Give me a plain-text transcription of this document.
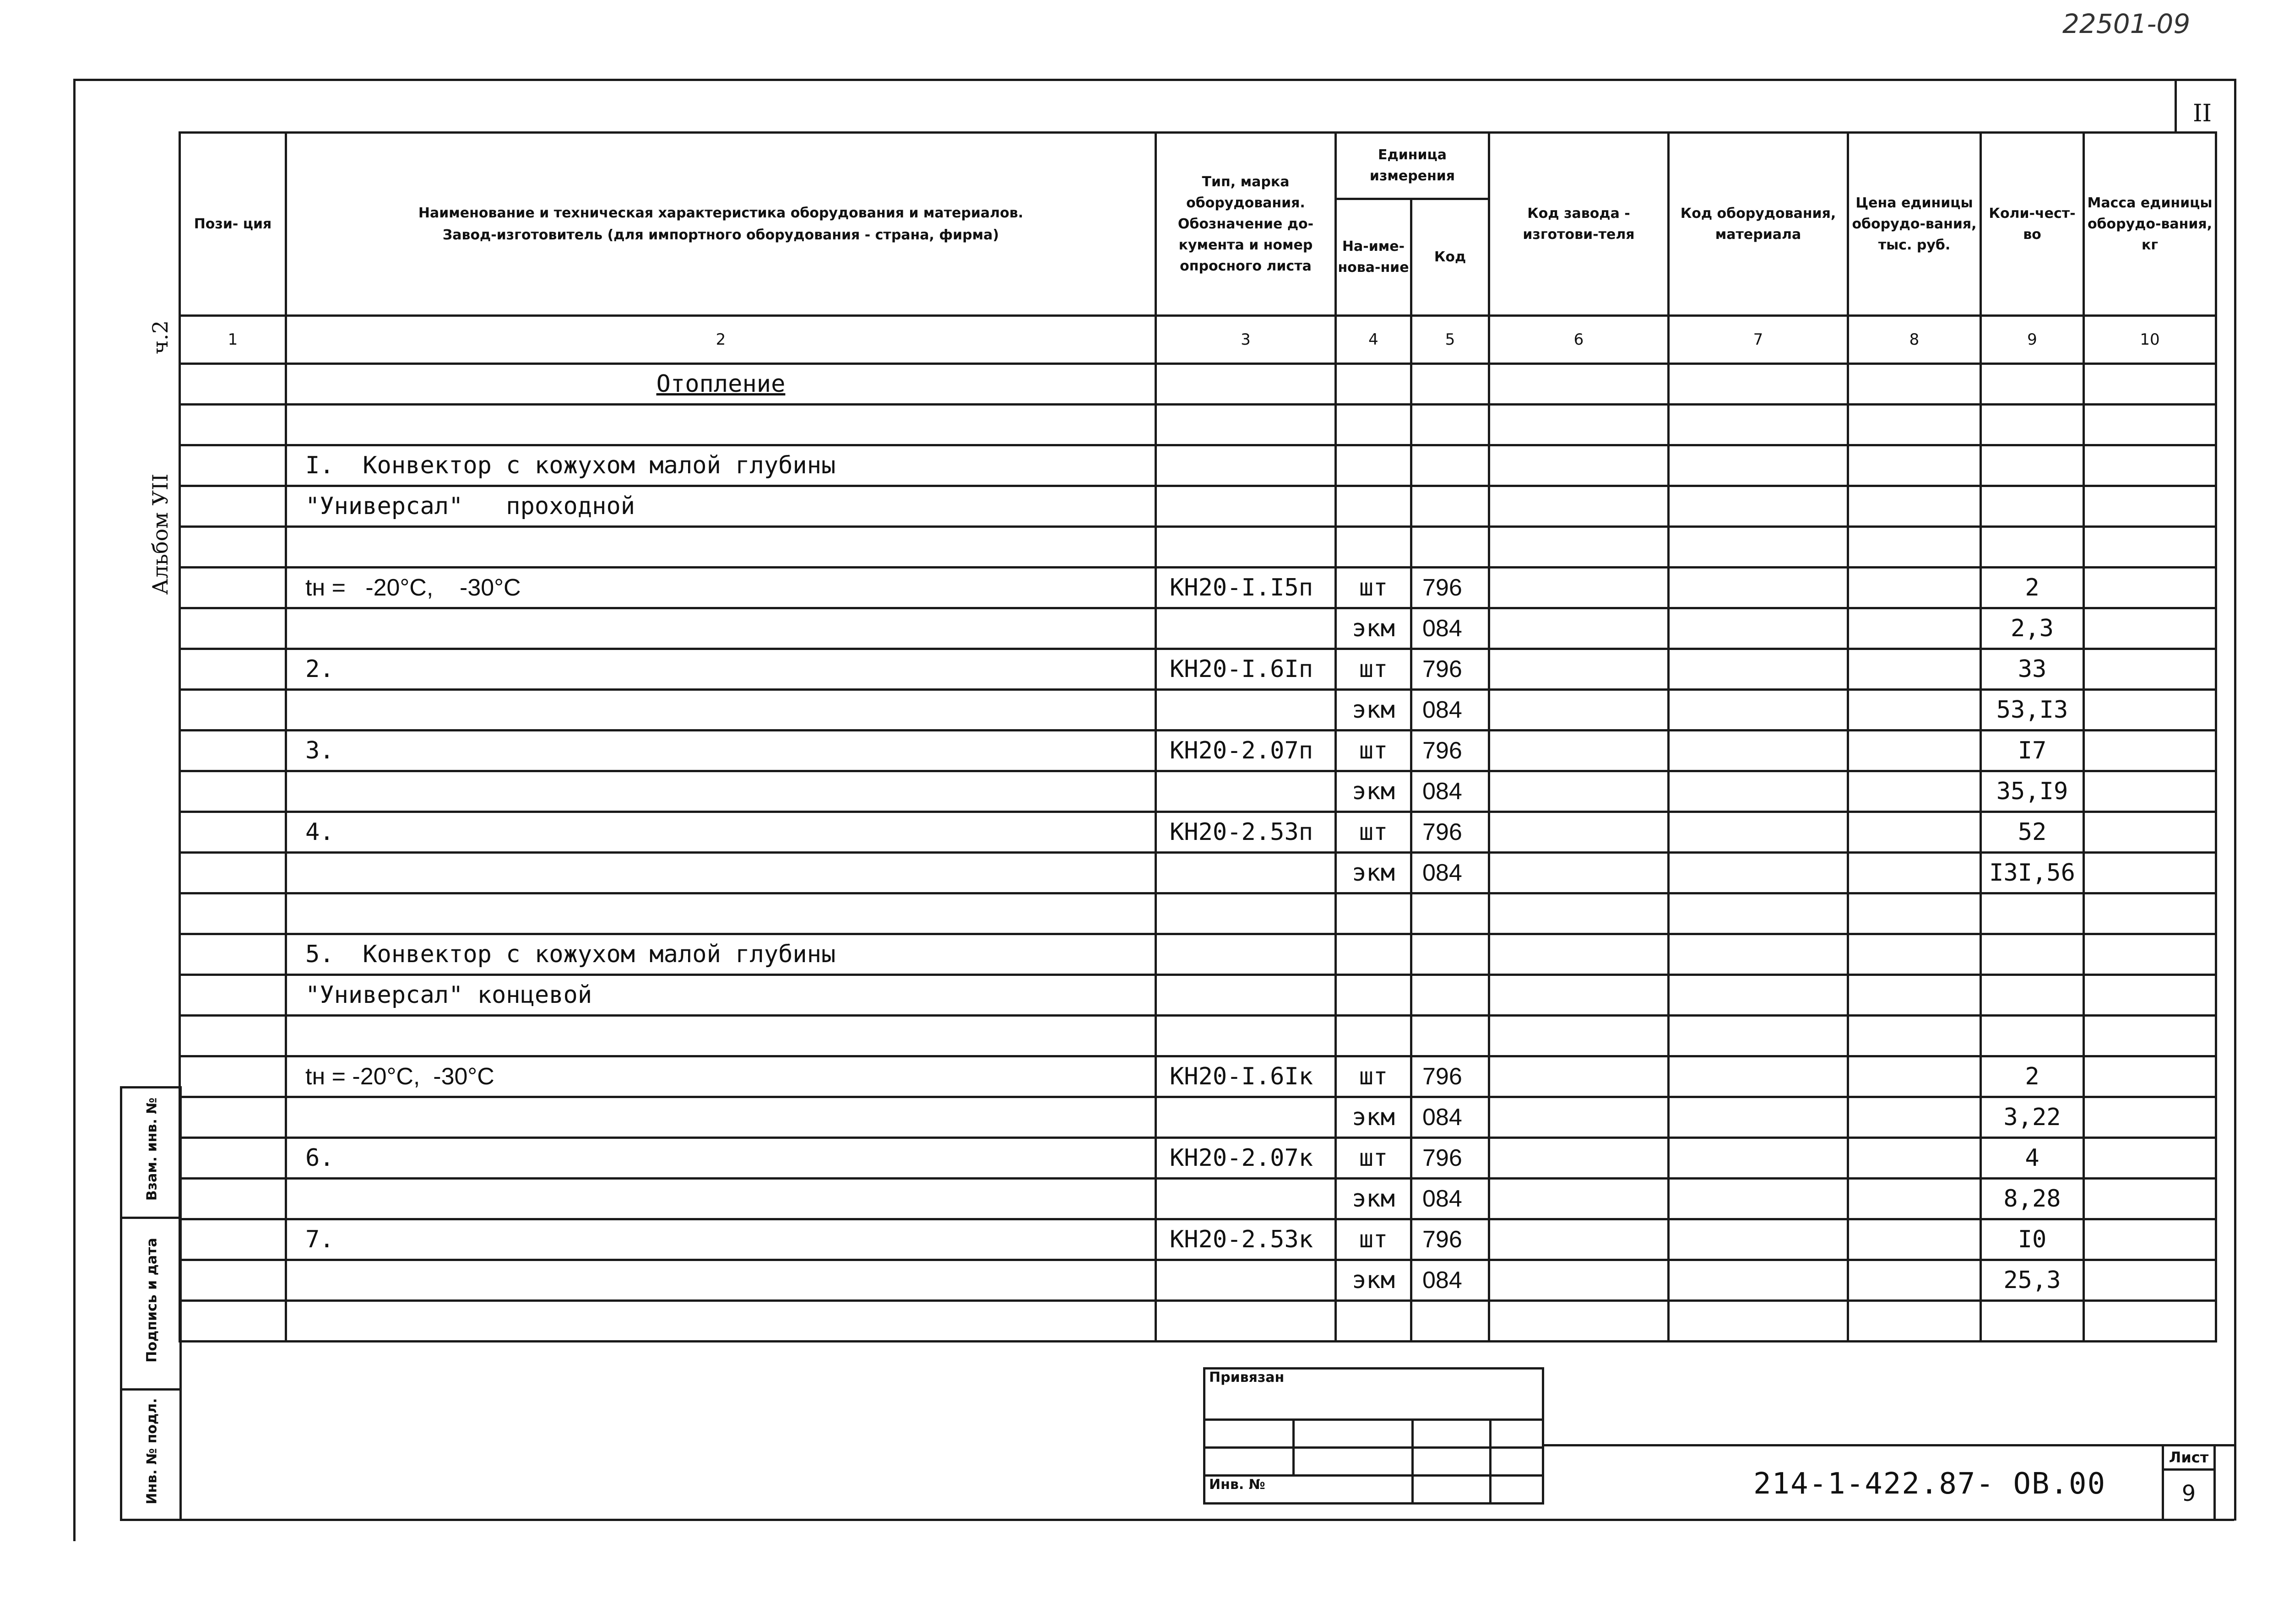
22501-09
II
ч.2
Альбом УII
Взам. инв. №
Подпись и дата
Инв. № подл.
Пози- ция	Наименование и техническая характеристика оборудования и материалов.
Завод-изготовитель (для импортного оборудования - страна, фирма)	Тип, марка оборудования. Обозначение до-кумента и номер опросного листа	Единица измерения		Код завода - изготови-теля	Код оборудования, материала	Цена единицы оборудо-вания, тыс. руб.	Коли-чест-во	Масса единицы оборудо-вания, кг
			На-име-нова-ние	Код					
1	2	3	4	5	6	7	8	9	10

	Отопление								

	I.  Конвектор с кожухом малой глубины								
	"Универсал"   проходной								

	tн =   -20°С,    -30°С	КН20-I.I5п	шт	796				2	
			экм	084				2,3	
	2.	КН20-I.6Iп	шт	796				33	
			экм	084				53,I3	
	3.	КН20-2.07п	шт	796				I7	
			экм	084				35,I9	
	4.	КН20-2.53п	шт	796				52	
			экм	084				I3I,56	

	5.  Конвектор с кожухом малой глубины								
	"Универсал" концевой								

	tн = -20°С,  -30°С	КН20-I.6Iк	шт	796				2	
			экм	084				3,22	
	6.	КН20-2.07к	шт	796				4	
			экм	084				8,28	
	7.	КН20-2.53к	шт	796				I0	
			экм	084				25,3	

Привязан			

Инв. №				214-1-422.87- ОВ.00
Лист
9
